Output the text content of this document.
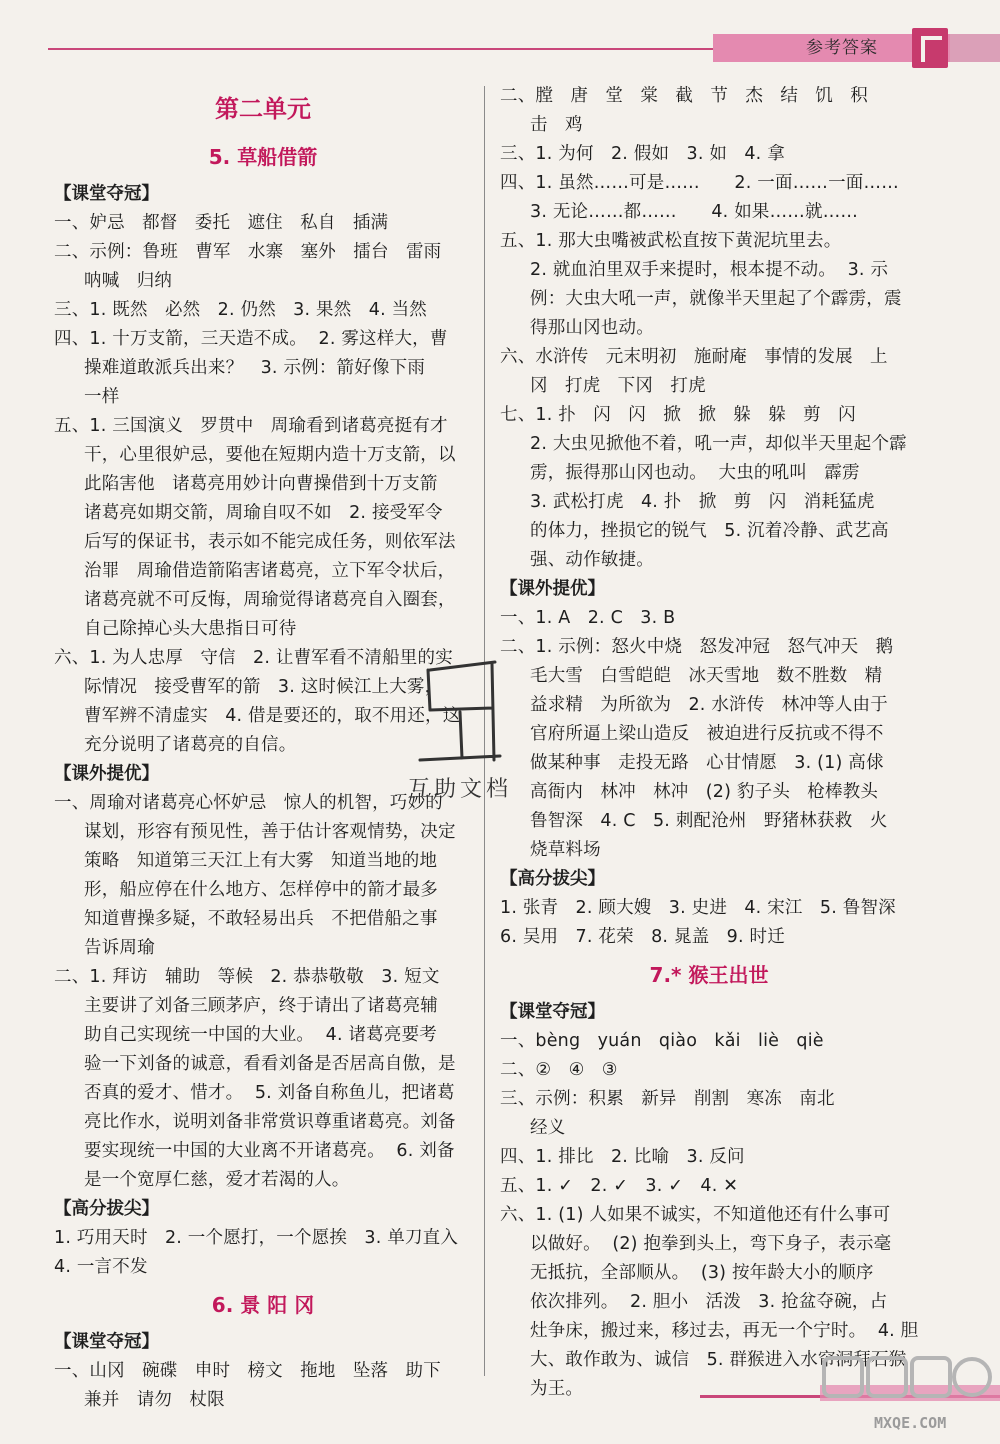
参考答案
第二单元
5. 草船借箭
【课堂夺冠】
一、妒忌   都督   委托   遮住   私自   插满
二、示例：鲁班   曹军   水寨   塞外   擂台   雷雨
呐喊   归纳
三、1. 既然   必然   2. 仍然   3. 果然   4. 当然
四、1. 十万支箭，三天造不成。  2. 雾这样大，曹
操难道敢派兵出来？   3. 示例：箭好像下雨
一样
五、1. 三国演义   罗贯中   周瑜看到诸葛亮挺有才
干，心里很妒忌，要他在短期内造十万支箭，以
此陷害他   诸葛亮用妙计向曹操借到十万支箭
诸葛亮如期交箭，周瑜自叹不如   2. 接受军令
后写的保证书，表示如不能完成任务，则依军法
治罪   周瑜借造箭陷害诸葛亮，立下军令状后，
诸葛亮就不可反悔，周瑜觉得诸葛亮自入圈套，
自己除掉心头大患指日可待
六、1. 为人忠厚   守信   2. 让曹军看不清船里的实
际情况   接受曹军的箭   3. 这时候江上大雾，
曹军辨不清虚实   4. 借是要还的，取不用还，这
充分说明了诸葛亮的自信。
【课外提优】
一、周瑜对诸葛亮心怀妒忌   惊人的机智，巧妙的
谋划，形容有预见性，善于估计客观情势，决定
策略   知道第三天江上有大雾   知道当地的地
形，船应停在什么地方、怎样停中的箭才最多
知道曹操多疑，不敢轻易出兵   不把借船之事
告诉周瑜
二、1. 拜访   辅助   等候   2. 恭恭敬敬   3. 短文
主要讲了刘备三顾茅庐，终于请出了诸葛亮辅
助自己实现统一中国的大业。  4. 诸葛亮要考
验一下刘备的诚意，看看刘备是否居高自傲，是
否真的爱才、惜才。  5. 刘备自称鱼儿，把诸葛
亮比作水，说明刘备非常赏识尊重诸葛亮。刘备
要实现统一中国的大业离不开诸葛亮。  6. 刘备
是一个宽厚仁慈，爱才若渴的人。
【高分拔尖】
1. 巧用天时   2. 一个愿打，一个愿挨   3. 单刀直入
4. 一言不发
6. 景 阳 冈
【课堂夺冠】
一、山冈   碗碟   申时   榜文   拖地   坠落   助下
兼并   请勿   杖限
二、膛   唐   堂   棠   截   节   杰   结   饥   积
击   鸡
三、1. 为何   2. 假如   3. 如   4. 拿
四、1. 虽然……可是……      2. 一面……一面……
3. 无论……都……      4. 如果……就……
五、1. 那大虫嘴被武松直按下黄泥坑里去。
2. 就血泊里双手来提时，根本提不动。  3. 示
例：大虫大吼一声，就像半天里起了个霹雳，震
得那山冈也动。
六、水浒传   元末明初   施耐庵   事情的发展   上
冈   打虎   下冈   打虎
七、1. 扑   闪   闪   掀   掀   躲   躲   剪   闪
2. 大虫见掀他不着，吼一声，却似半天里起个霹
雳，振得那山冈也动。  大虫的吼叫   霹雳
3. 武松打虎   4. 扑   掀   剪   闪   消耗猛虎
的体力，挫损它的锐气   5. 沉着冷静、武艺高
强、动作敏捷。
【课外提优】
一、1. A   2. C   3. B
二、1. 示例：怒火中烧   怒发冲冠   怒气冲天   鹅
毛大雪   白雪皑皑   冰天雪地   数不胜数   精
益求精   为所欲为   2. 水浒传   林冲等人由于
官府所逼上梁山造反   被迫进行反抗或不得不
做某种事   走投无路   心甘情愿   3. (1) 高俅
高衙内   林冲   林冲   (2) 豹子头   枪棒教头
鲁智深   4. C   5. 刺配沧州   野猪林获救   火
烧草料场
【高分拔尖】
1. 张青   2. 顾大嫂   3. 史进   4. 宋江   5. 鲁智深
6. 吴用   7. 花荣   8. 晁盖   9. 时迁
7.* 猴王出世
【课堂夺冠】
一、bèng   yuán   qiào   kǎi   liè   qiè
二、②   ④   ③
三、示例：积累   新异   削割   寒冻   南北
经义
四、1. 排比   2. 比喻   3. 反问
五、1. ✓   2. ✓   3. ✓   4. ✕
六、1. (1) 人如果不诚实，不知道他还有什么事可
以做好。  (2) 抱拳到头上，弯下身子，表示毫
无抵抗，全部顺从。  (3) 按年龄大小的顺序
依次排列。  2. 胆小   活泼   3. 抢盆夺碗，占
灶争床，搬过来，移过去，再无一个宁时。  4. 胆
大、敢作敢为、诚信   5. 群猴进入水帘洞拜石猴
为王。
互助文档
MXQE.COM
